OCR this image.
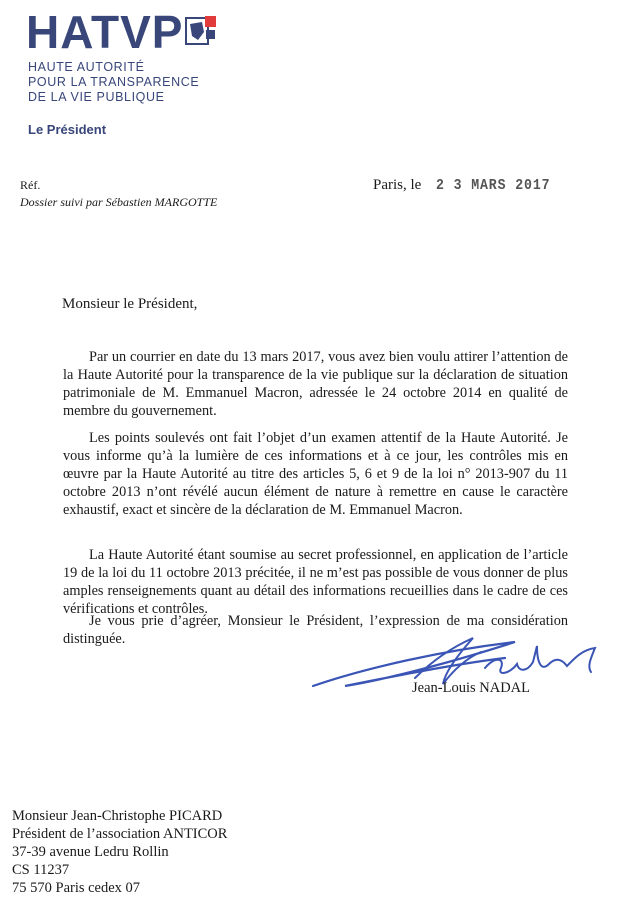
HATVP
HAUTE AUTORITÉ
POUR LA TRANSPARENCE
DE LA VIE PUBLIQUE
Le Président
Réf.
Dossier suivi par Sébastien MARGOTTE
Paris, le 2 3 MARS 2017
Monsieur le Président,
Par un courrier en date du 13 mars 2017, vous avez bien voulu attirer l’attention de la Haute Autorité pour la transparence de la vie publique sur la déclaration de situation patrimoniale de M. Emmanuel Macron, adressée le 24 octobre 2014 en qualité de membre du gouvernement.
Les points soulevés ont fait l’objet d’un examen attentif de la Haute Autorité. Je vous informe qu’à la lumière de ces informations et à ce jour, les contrôles mis en œuvre par la Haute Autorité au titre des articles 5, 6 et 9 de la loi n° 2013-907 du 11 octobre 2013 n’ont révélé aucun élément de nature à remettre en cause le caractère exhaustif, exact et sincère de la déclaration de M. Emmanuel Macron.
La Haute Autorité étant soumise au secret professionnel, en application de l’article 19 de la loi du 11 octobre 2013 précitée, il ne m’est pas possible de vous donner de plus amples renseignements quant au détail des informations recueillies dans le cadre de ces vérifications et contrôles.
Je vous prie d’agréer, Monsieur le Président, l’expression de ma considération distinguée.
Jean-Louis NADAL
Monsieur Jean-Christophe PICARD
Président de l’association ANTICOR
37-39 avenue Ledru Rollin
CS 11237
75 570 Paris cedex 07
